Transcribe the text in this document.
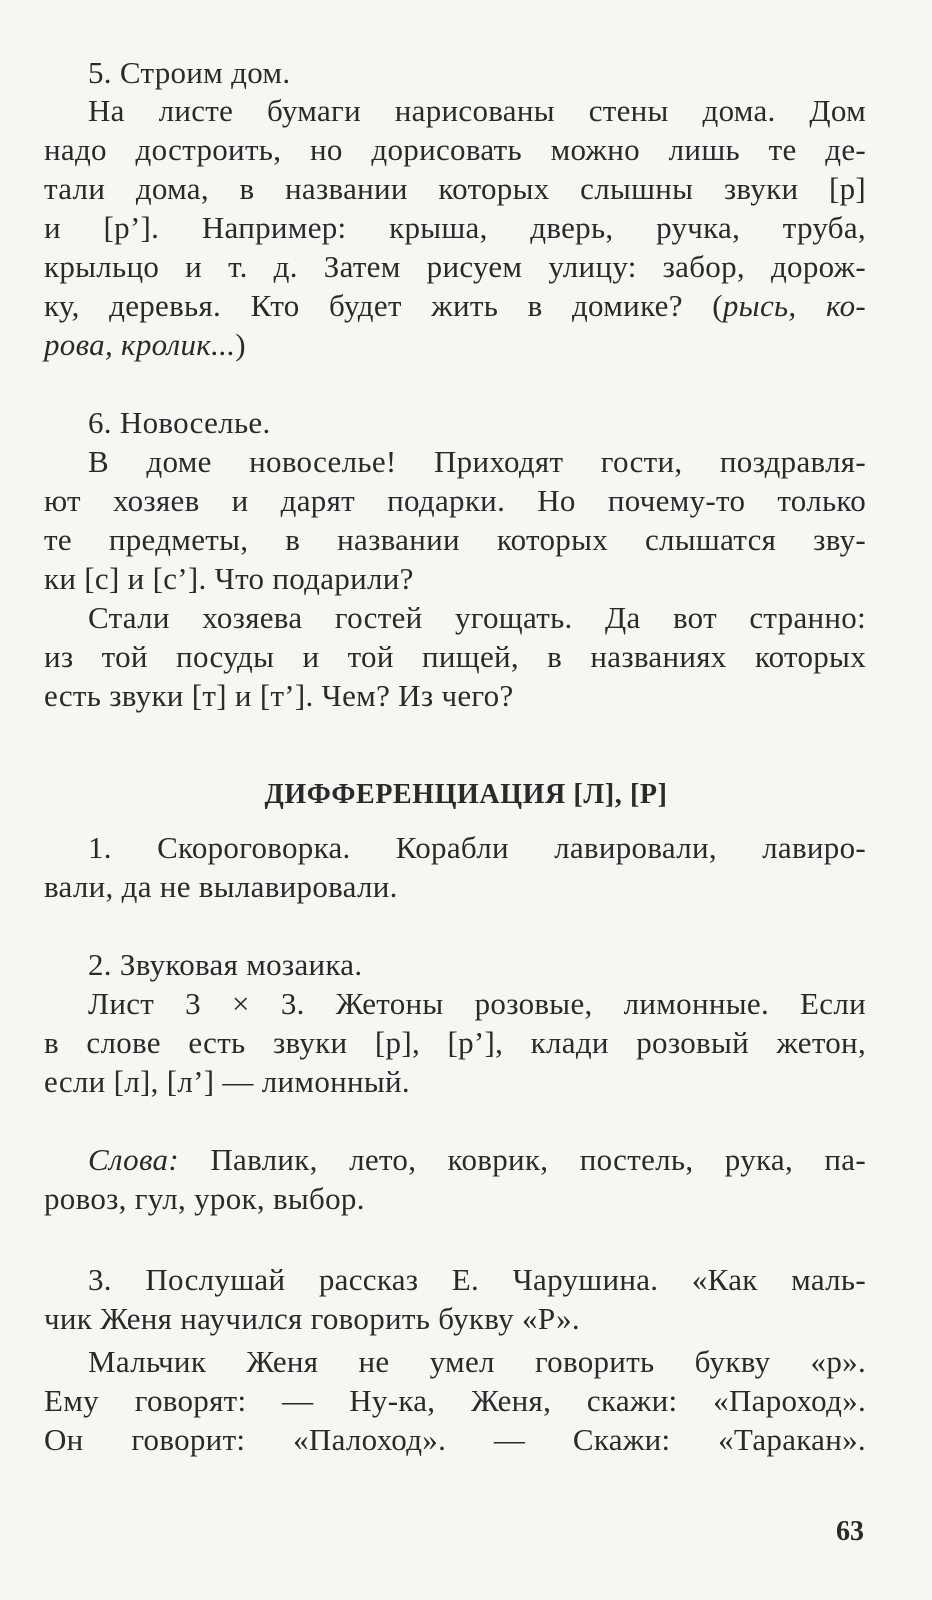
5. Строим дом.
На листе бумаги нарисованы стены дома. Дом
надо достроить, но дорисовать можно лишь те де-
тали дома, в названии которых слышны звуки [р]
и [р’]. Например: крыша, дверь, ручка, труба,
крыльцо и т. д. Затем рисуем улицу: забор, дорож-
ку, деревья. Кто будет жить в домике? (рысь, ко-
рова, кролик...)
6. Новоселье.
В доме новоселье! Приходят гости, поздравля-
ют хозяев и дарят подарки. Но почему-то только
те предметы, в названии которых слышатся зву-
ки [с] и [с’]. Что подарили?
Стали хозяева гостей угощать. Да вот странно:
из той посуды и той пищей, в названиях которых
есть звуки [т] и [т’]. Чем? Из чего?
ДИФФЕРЕНЦИАЦИЯ [Л], [Р]
1. Скороговорка. Корабли лавировали, лавиро-
вали, да не вылавировали.
2. Звуковая мозаика.
Лист 3 × 3. Жетоны розовые, лимонные. Если
в слове есть звуки [р], [р’], клади розовый жетон,
если [л], [л’] — лимонный.
Слова: Павлик, лето, коврик, постель, рука, па-
ровоз, гул, урок, выбор.
3. Послушай рассказ Е. Чарушина. «Как маль-
чик Женя научился говорить букву «Р».
Мальчик Женя не умел говорить букву «р».
Ему говорят: — Ну-ка, Женя, скажи: «Пароход».
Он говорит: «Палоход». — Скажи: «Таракан».
63
